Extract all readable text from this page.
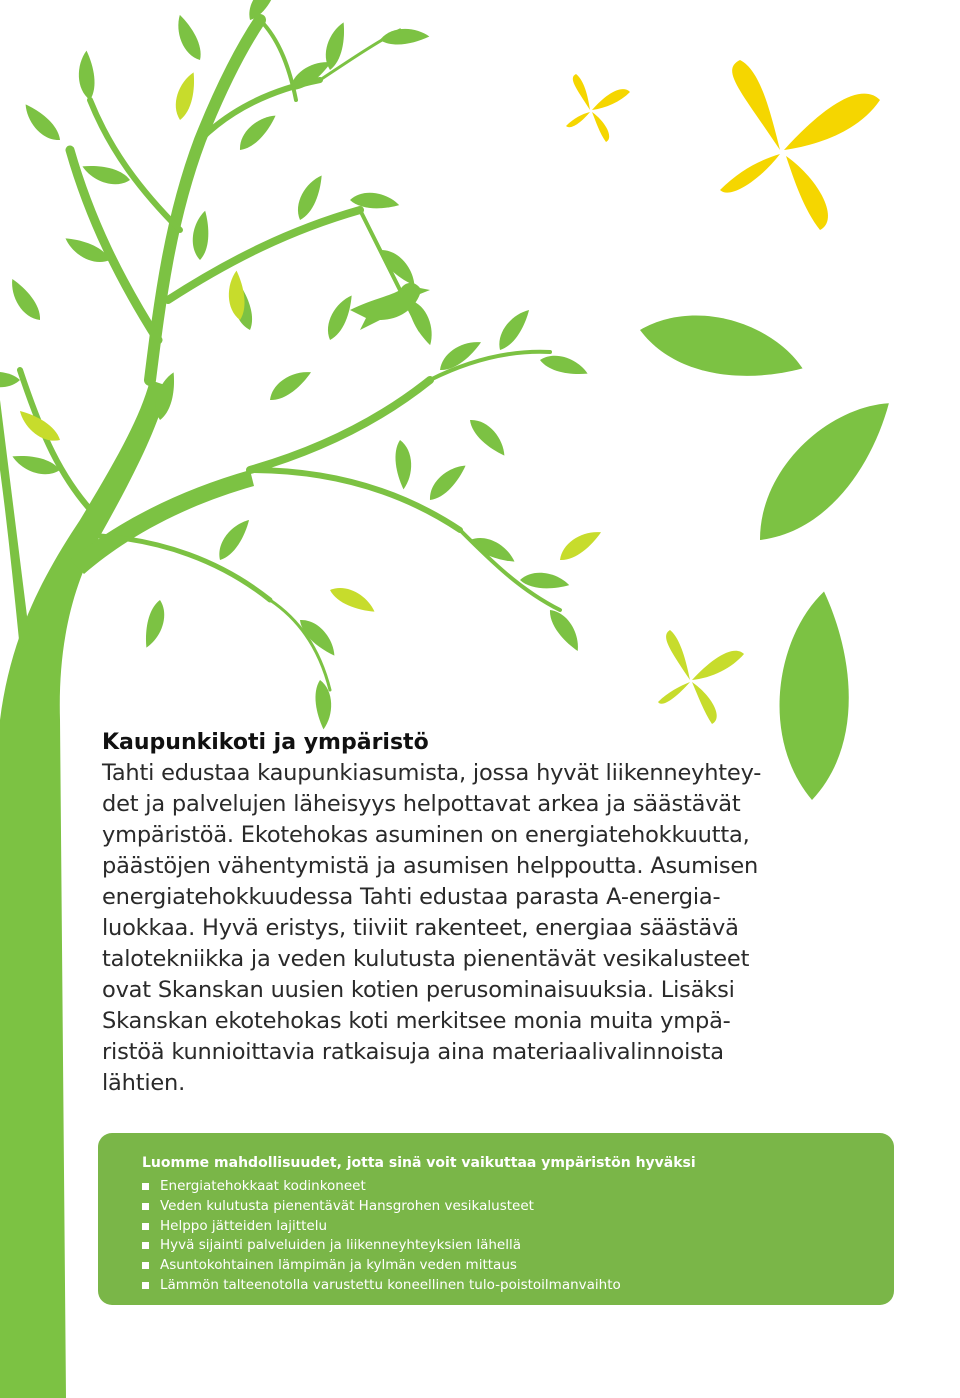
Kaupunkikoti ja ympäristö

Tahti edustaa kaupunkiasumista, jossa hyvät liikenneyhtey-
det ja palvelujen läheisyys helpottavat arkea ja säästävät
ympäristöä. Ekotehokas asuminen on energiatehokkuutta,
päästöjen vähentymistä ja asumisen helppoutta. Asumisen
energiatehokkuudessa Tahti edustaa parasta A-energia-
luokkaa. Hyvä eristys, tiiviit rakenteet, energiaa säästävä
talotekniikka ja veden kulutusta pienentävät vesikalusteet
ovat Skanskan uusien kotien perusominaisuuksia. Lisäksi
Skanskan ekotehokas koti merkitsee monia muita ympä-
ristöä kunnioittavia ratkaisuja aina materiaalivalinnoista
lähtien.

Luomme mahdollisuudet, jotta sinä voit vaikuttaa ympäristön hyväksi
Energiatehokkaat kodinkoneet
Veden kulutusta pienentävät Hansgrohen vesikalusteet
Helppo jätteiden lajittelu
Hyvä sijainti palveluiden ja liikenneyhteyksien lähellä
Asuntokohtainen lämpimän ja kylmän veden mittaus
Lämmön talteenotolla varustettu koneellinen tulo-poistoilmanvaihto
